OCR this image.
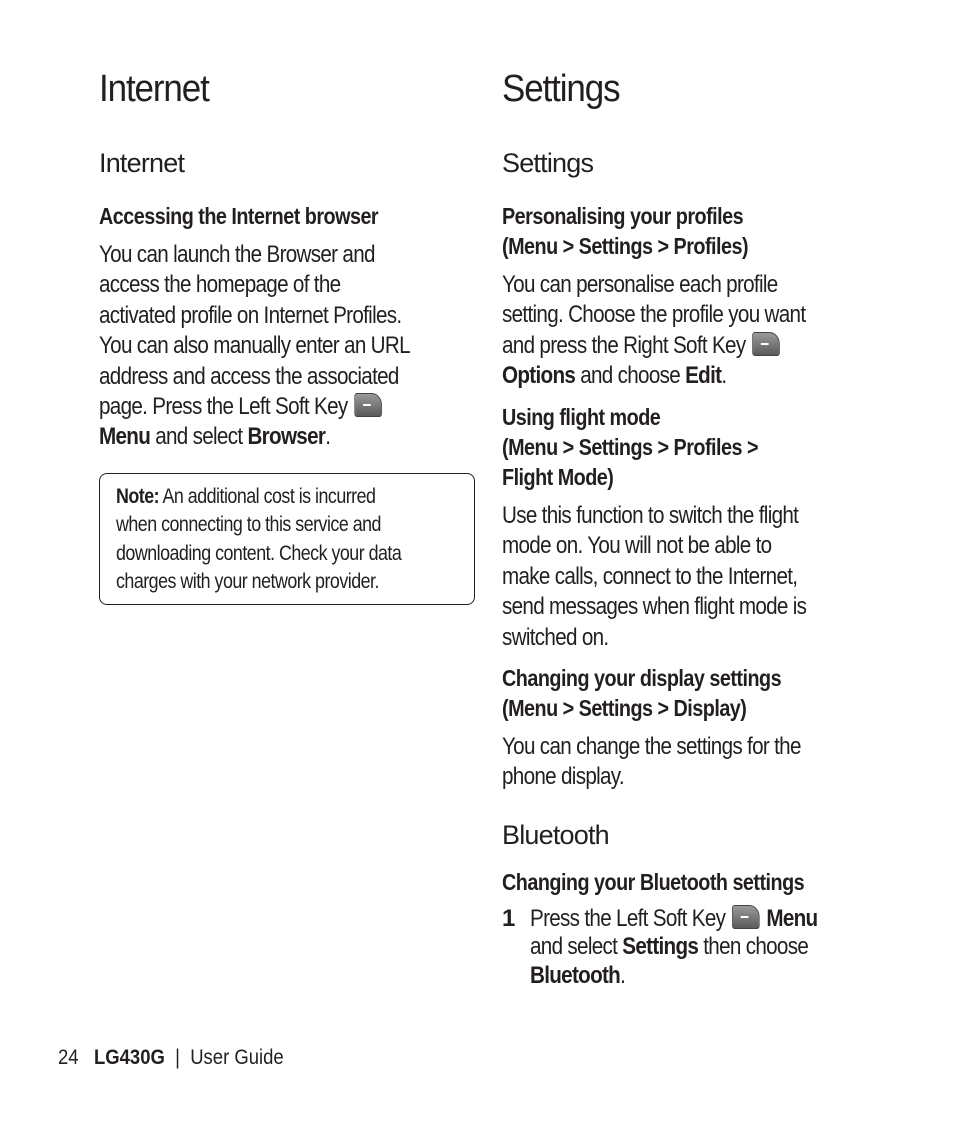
Internet
Internet

Accessing the Internet browser

You can launch the Browser and

access the homepage of the

activated profile on Internet Profiles.

You can also manually enter an URL

address and access the associated

page. Press the Left Soft Key

Menu and select Browser.

Note: An additional cost is incurred
when connecting to this service and
downloading content. Check your data
charges with your network provider.
Settings
Settings

Personalising your profiles

(Menu > Settings > Profiles)

You can personalise each profile

setting. Choose the profile you want

and press the Right Soft Key

Options and choose Edit.

Using flight mode

(Menu > Settings > Profiles >

Flight Mode)

Use this function to switch the flight

mode on. You will not be able to

make calls, connect to the Internet,

send messages when flight mode is

switched on.

Changing your display settings

(Menu > Settings > Display)

You can change the settings for the

phone display.

Bluetooth

Changing your Bluetooth settings

1 Press the Left Soft Key Menu

and select Settings then choose

Bluetooth.

24 LG430G | User Guide
